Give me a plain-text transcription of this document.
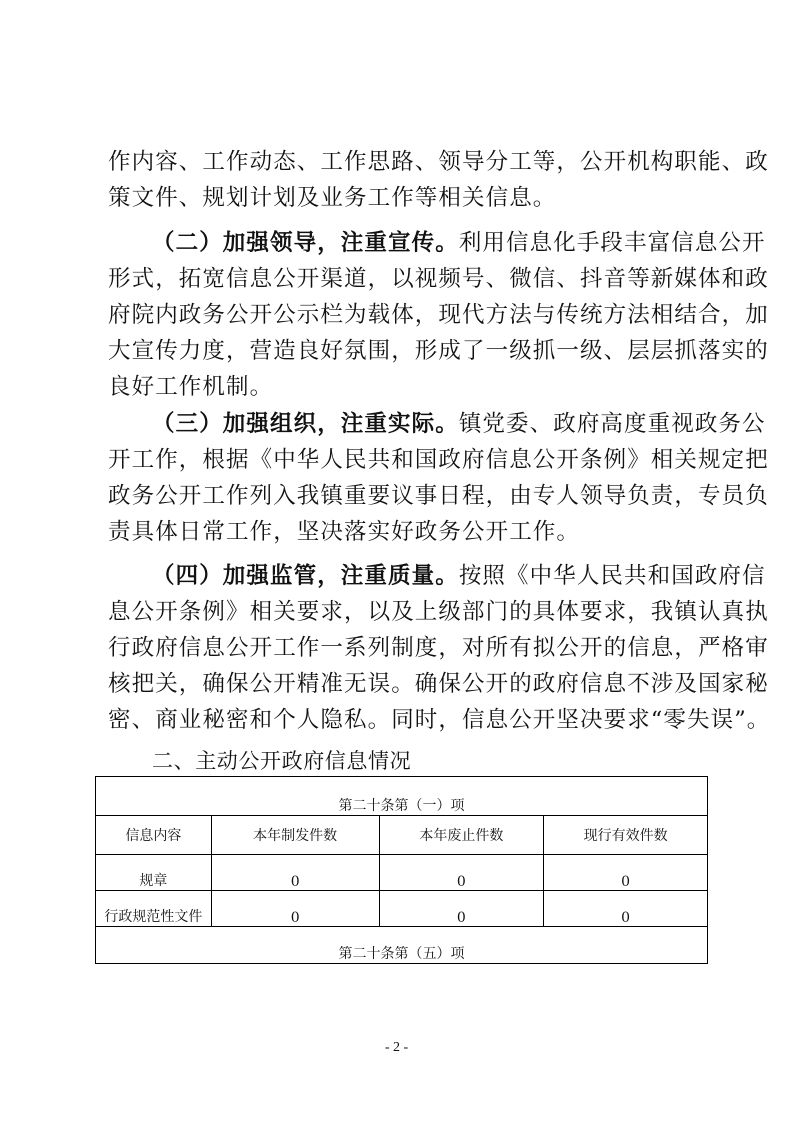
作内容、工作动态、工作思路、领导分工等，公开机构职能、政
策文件、规划计划及业务工作等相关信息。
（二）加强领导，注重宣传。利用信息化手段丰富信息公开
形式，拓宽信息公开渠道，以视频号、微信、抖音等新媒体和政
府院内政务公开公示栏为载体，现代方法与传统方法相结合，加
大宣传力度，营造良好氛围，形成了一级抓一级、层层抓落实的
良好工作机制。
（三）加强组织，注重实际。镇党委、政府高度重视政务公
开工作，根据《中华人民共和国政府信息公开条例》相关规定把
政务公开工作列入我镇重要议事日程，由专人领导负责，专员负
责具体日常工作，坚决落实好政务公开工作。
（四）加强监管，注重质量。按照《中华人民共和国政府信
息公开条例》相关要求，以及上级部门的具体要求，我镇认真执
行政府信息公开工作一系列制度，对所有拟公开的信息，严格审
核把关，确保公开精准无误。确保公开的政府信息不涉及国家秘
密、商业秘密和个人隐私。同时，信息公开坚决要求“零失误”。
二、主动公开政府信息情况
第二十条第（一）项			
信息内容	本年制发件数	本年废止件数	现行有效件数
规章	0	0	0
行政规范性文件	0	0	0
第二十条第（五）项			
- 2 -
